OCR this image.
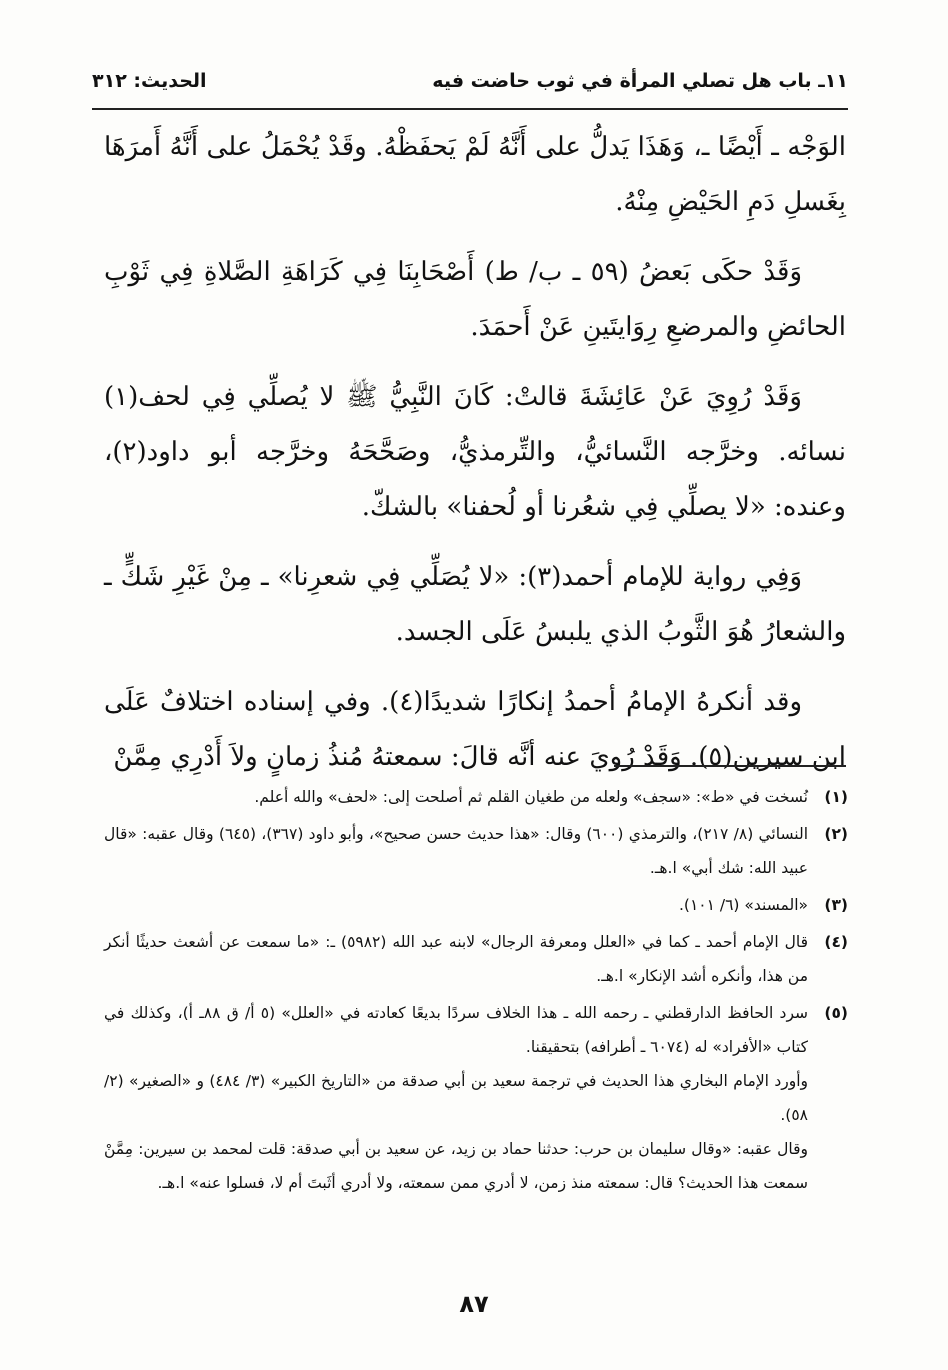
١١ـ باب هل تصلي المرأة في ثوب حاضت فيه
الحديث: ٣١٢

الوَجْه ـ أَيْضًا ـ، وَهَذَا يَدلُّ على أَنَّهُ لَمْ يَحفَظْهُ. وقَدْ يُحْمَلُ على أَنَّهُ أَمرَهَا بِغَسلِ دَمِ الحَيْضِ مِنْهُ.

وَقَدْ حكَى بَعضُ (٥٩ ـ ب/ ط) أَصْحَابِنَا فِي كَرَاهَةِ الصَّلاةِ فِي ثَوْبِ الحائضِ والمرضعِ رِوَايتَينِ عَنْ أَحمَدَ.

وَقَدْ رُوِيَ عَنْ عَائِشَةَ قالتْ: كَانَ النَّبِيُّ ﷺ لا يُصلِّي فِي لحف(١) نسائه. وخرَّجه النَّسائيُّ، والتِّرمذيُّ، وصَحَّحَهُ وخرَّجه أبو داود(٢)، وعنده: «لا يصلِّي فِي شعُرنا أو لُحفنا» بالشكّ.

وَفِي رواية للإمام أحمد(٣): «لا يُصَلِّي فِي شعرِنا» ـ مِنْ غَيْرِ شَكٍّ ـ والشعارُ هُوَ الثَّوبُ الذي يلبسُ عَلَى الجسد.

وقد أنكرهُ الإمامُ أحمدُ إنكارًا شديدًا(٤). وفي إسناده اختلافٌ عَلَى ابن سيرين(٥). وَقَدْ رُويَ عنه أنَّه قالَ: سمعتهُ مُنذُ زمانٍ ولاَ أَدْرِي مِمَّنْ

(١)
نُسخت في «ط»: «سجف» ولعله من طغيان القلم ثم أصلحت إلى: «لحف» والله أعلم.
(٢)
النسائي (٨/ ٢١٧)، والترمذي (٦٠٠) وقال: «هذا حديث حسن صحيح»، وأبو داود (٣٦٧)، (٦٤٥) وقال عقبه: «قال عبيد الله: شك أبي» ا.هـ.
(٣)
«المسند» (٦/ ١٠١).
(٤)
قال الإمام أحمد ـ كما في «العلل ومعرفة الرجال» لابنه عبد الله (٥٩٨٢) ـ: «ما سمعت عن أشعث حديثًا أنكر من هذا، وأنكره أشد الإنكار» ا.هـ.
(٥)
سرد الحافظ الدارقطني ـ رحمه الله ـ هذا الخلاف سردًا بديعًا كعادته في «العلل» (٥ أ/ ق ٨٨ـ أ)، وكذلك في كتاب «الأفراد» له (٦٠٧٤ ـ أطرافه) بتحقيقنا.
وأورد الإمام البخاري هذا الحديث في ترجمة سعيد بن أبي صدقة من «التاريخ الكبير» (٣/ ٤٨٤) و «الصغير» (٢/ ٥٨).
وقال عقبه: «وقال سليمان بن حرب: حدثنا حماد بن زيد، عن سعيد بن أبي صدقة: قلت لمحمد بن سيرين: مِمَّنْ سمعت هذا الحديث؟ قال: سمعته منذ زمن، لا أدري ممن سمعته، ولا أدري أثَبتَ أم لا، فسلوا عنه» ا.هـ.
٨٧
